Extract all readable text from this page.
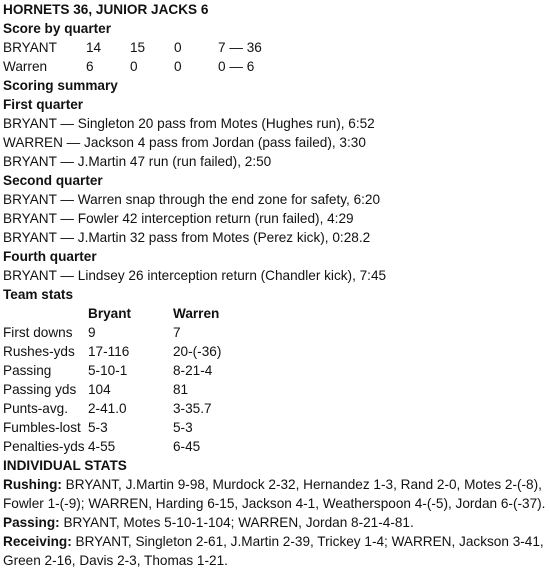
HORNETS 36, JUNIOR JACKS 6
Score by quarter
BRYANT 14 15 0	7 — 36
Warren	6	0	0	0 — 6
Scoring summary
First quarter
BRYANT — Singleton 20 pass from Motes (Hughes run), 6:52
WARREN — Jackson 4 pass from Jordan (pass failed), 3:30
BRYANT — J.Martin 47 run (run failed), 2:50
Second quarter
BRYANT — Warren snap through the end zone for safety, 6:20
BRYANT — Fowler 42 interception return (run failed), 4:29
BRYANT — J.Martin 32 pass from Motes (Perez kick), 0:28.2
Fourth quarter
BRYANT — Lindsey 26 interception return (Chandler kick), 7:45
Team stats
Bryant	Warren
First downs 9	7
Rushes-yds 17-116	20-(-36)
Passing	5-10-1	8-21-4
Passing yds 104	81
Punts-avg. 2-41.0	3-35.7
Fumbles-lost 5-3	5-3
Penalties-yds 4-55	6-45
INDIVIDUAL STATS
Rushing: BRYANT, J.Martin 9-98, Murdock 2-32, Hernandez 1-3, Rand 2-0, Motes 2-(-8), Fowler 1-(-9); WARREN, Harding 6-15, Jackson 4-1, Weatherspoon 4-(-5), Jordan 6-(-37).
Passing: BRYANT, Motes 5-10-1-104; WARREN, Jordan 8-21-4-81.
Receiving: BRYANT, Singleton 2-61, J.Martin 2-39, Trickey 1-4; WARREN, Jackson 3-41, Green 2-16, Davis 2-3, Thomas 1-21.
